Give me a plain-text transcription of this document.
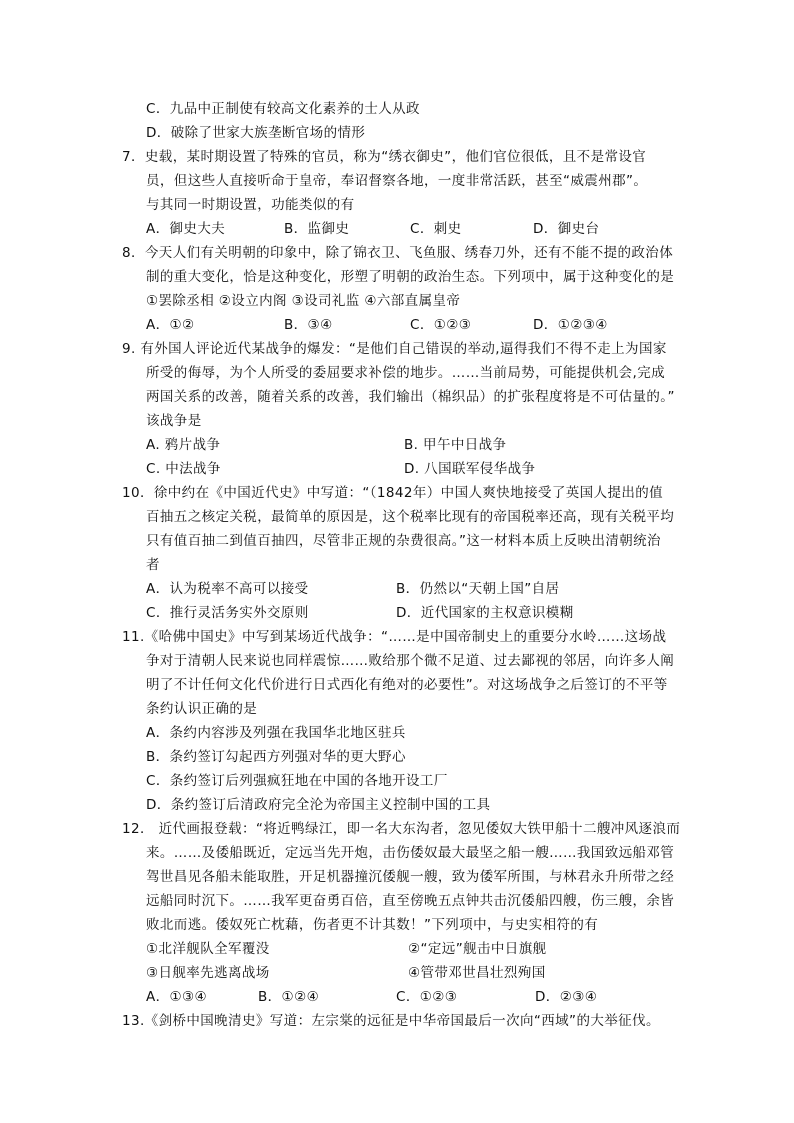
C．九品中正制使有较高文化素养的士人从政
D．破除了世家大族垄断官场的情形
7．史载，某时期设置了特殊的官员，称为“绣衣御史”，他们官位很低，且不是常设官
员，但这些人直接听命于皇帝，奉诏督察各地，一度非常活跃，甚至“威震州郡”。
与其同一时期设置，功能类似的有
A．御史大夫	B．监御史	C．刺史	D．御史台
8．今天人们有关明朝的印象中，除了锦衣卫、飞鱼服、绣春刀外，还有不能不提的政治体
制的重大变化，恰是这种变化，形塑了明朝的政治生态。下列项中，属于这种变化的是
①罢除丞相 ②设立内阁 ③设司礼监 ④六部直属皇帝
A．①②	B．③④	C．①②③	D．①②③④
9. 有外国人评论近代某战争的爆发：“是他们自己错误的举动,逼得我们不得不走上为国家
所受的侮辱，为个人所受的委屈要求补偿的地步。……当前局势，可能提供机会,完成
两国关系的改善，随着关系的改善，我们输出（棉织品）的扩张程度将是不可估量的。”
该战争是
A. 鸦片战争	B. 甲午中日战争
C. 中法战争	D. 八国联军侵华战争
10．徐中约在《中国近代史》中写道：“（1842年）中国人爽快地接受了英国人提出的值
百抽五之核定关税，最简单的原因是，这个税率比现有的帝国税率还高，现有关税平均
只有值百抽二到值百抽四，尽管非正规的杂费很高。”这一材料本质上反映出清朝统治
者
A．认为税率不高可以接受	B．仍然以“天朝上国”自居
C．推行灵活务实外交原则	D．近代国家的主权意识模糊
11.《哈佛中国史》中写到某场近代战争：“……是中国帝制史上的重要分水岭……这场战
争对于清朝人民来说也同样震惊……败给那个微不足道、过去鄙视的邻居，向许多人阐
明了不计任何文化代价进行日式西化有绝对的必要性”。对这场战争之后签订的不平等
条约认识正确的是
A．条约内容涉及列强在我国华北地区驻兵
B．条约签订勾起西方列强对华的更大野心
C．条约签订后列强疯狂地在中国的各地开设工厂
D．条约签订后清政府完全沦为帝国主义控制中国的工具
12． 近代画报登载：“将近鸭绿江，即一名大东沟者，忽见倭奴大铁甲船十二艘冲风逐浪而
来。……及倭船既近，定远当先开炮，击伤倭奴最大最坚之船一艘……我国致远船邓管
驾世昌见各船未能取胜，开足机器撞沉倭舰一艘，致为倭军所围，与林君永升所带之经
远船同时沉下。……我军更奋勇百倍，直至傍晚五点钟共击沉倭船四艘，伤三艘，余皆
败北而逃。倭奴死亡枕藉，伤者更不计其数！”下列项中，与史实相符的有
①北洋舰队全军覆没	②“定远”舰击中日旗舰
③日舰率先逃离战场	④管带邓世昌壮烈殉国
A．①③④	B．①②④	C．①②③	D．②③④
13.《剑桥中国晚清史》写道：左宗棠的远征是中华帝国最后一次向“西域”的大举征伐。
